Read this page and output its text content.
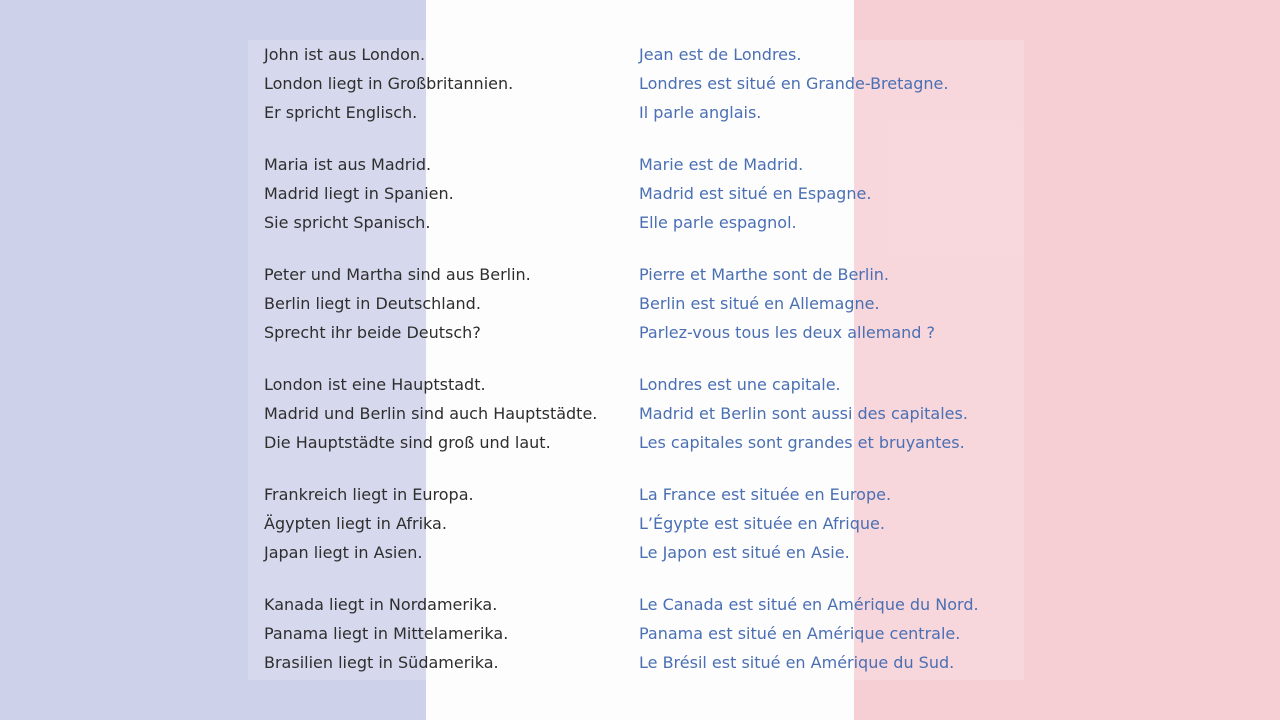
John ist aus London.	Jean est de Londres.
London liegt in Großbritannien.	Londres est situé en Grande-Bretagne.
Er spricht Englisch.	Il parle anglais.
Maria ist aus Madrid.	Marie est de Madrid.
Madrid liegt in Spanien.	Madrid est situé en Espagne.
Sie spricht Spanisch.	Elle parle espagnol.
Peter und Martha sind aus Berlin.	Pierre et Marthe sont de Berlin.
Berlin liegt in Deutschland.	Berlin est situé en Allemagne.
Sprecht ihr beide Deutsch?	Parlez-vous tous les deux allemand ?
London ist eine Hauptstadt.	Londres est une capitale.
Madrid und Berlin sind auch Hauptstädte.	Madrid et Berlin sont aussi des capitales.
Die Hauptstädte sind groß und laut.	Les capitales sont grandes et bruyantes.
Frankreich liegt in Europa.	La France est située en Europe.
Ägypten liegt in Afrika.	L’Égypte est située en Afrique.
Japan liegt in Asien.	Le Japon est situé en Asie.
Kanada liegt in Nordamerika.	Le Canada est situé en Amérique du Nord.
Panama liegt in Mittelamerika.	Panama est situé en Amérique centrale.
Brasilien liegt in Südamerika.	Le Brésil est situé en Amérique du Sud.
